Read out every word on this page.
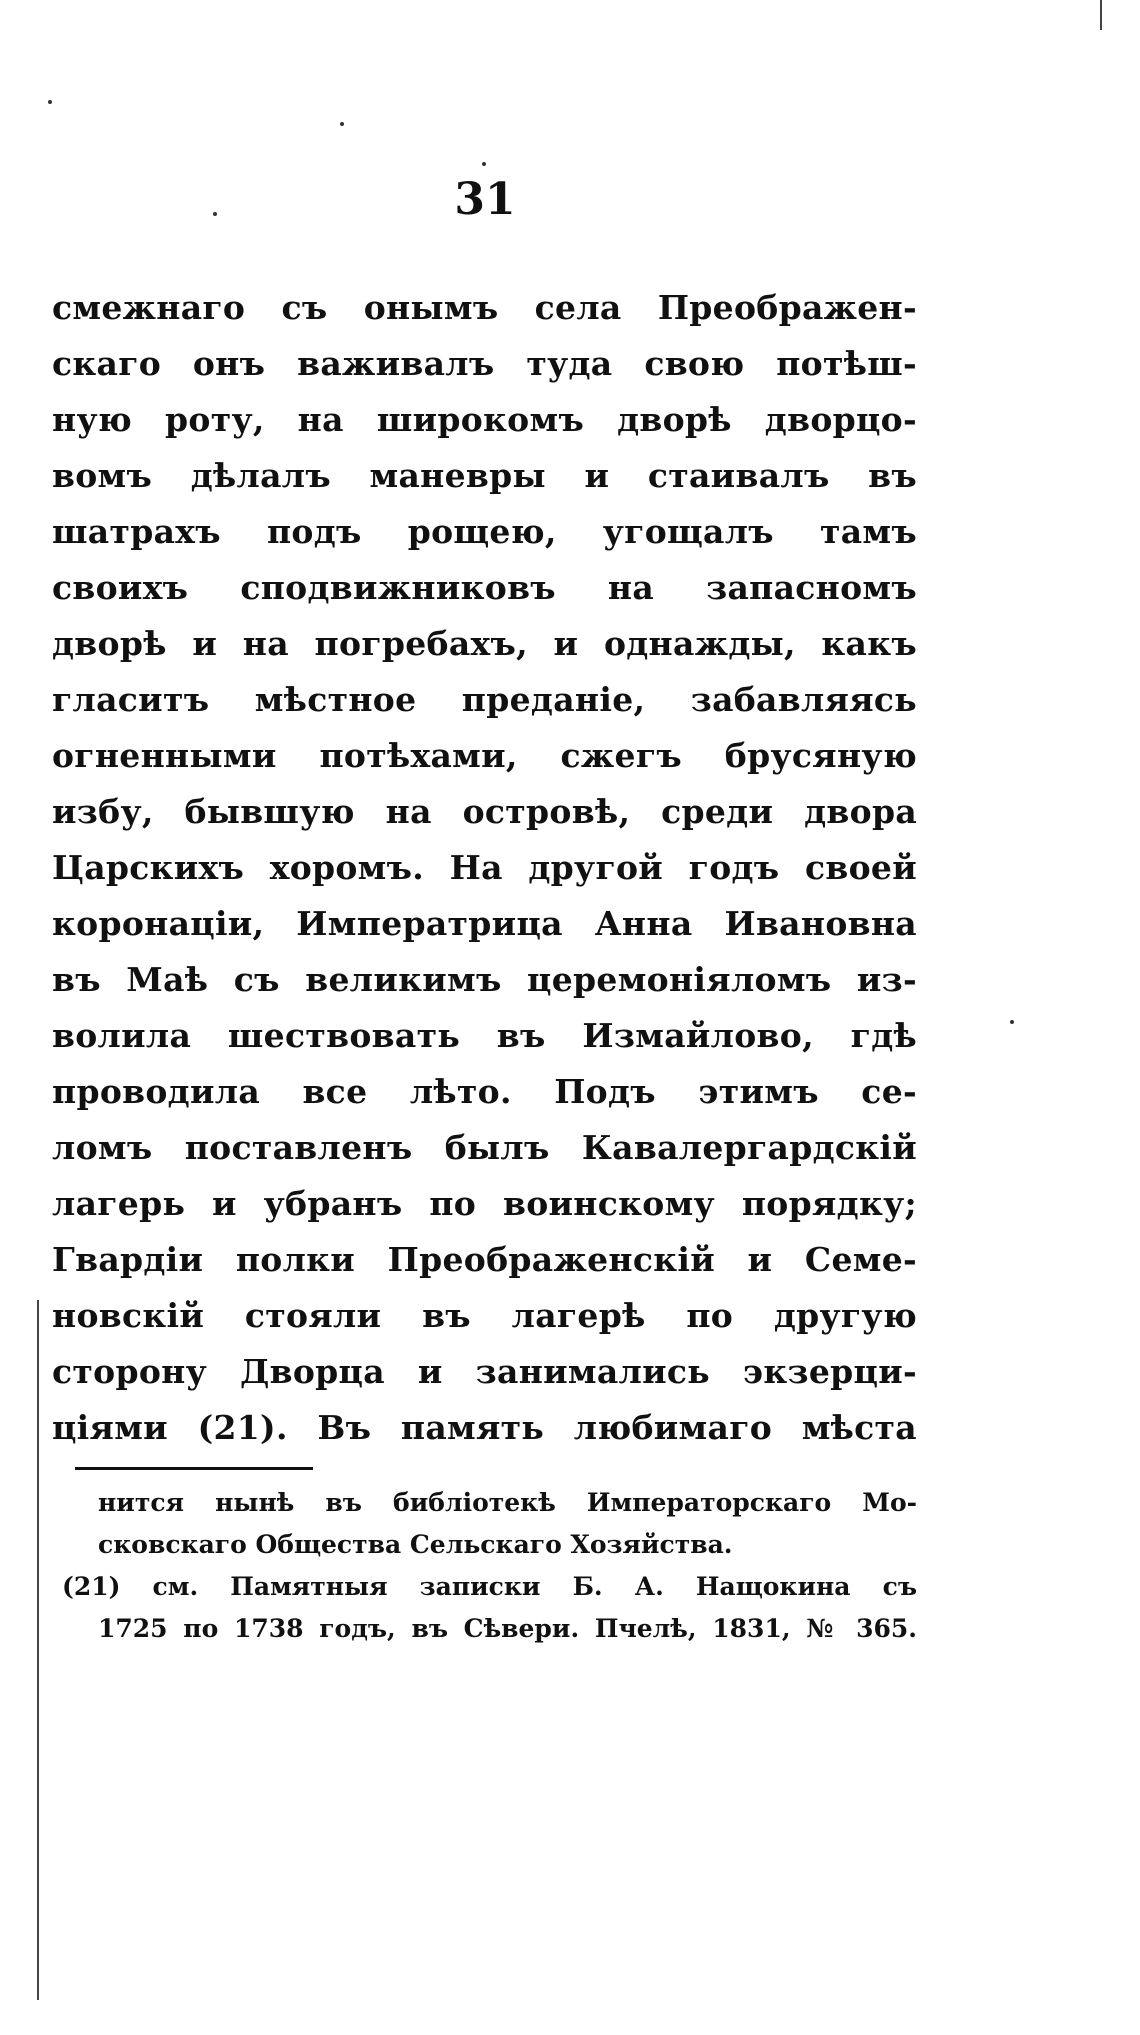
31
смежнаго съ онымъ села Преображен-
скаго онъ важивалъ туда свою потѣш-
ную роту, на широкомъ дворѣ дворцо-
вомъ дѣлалъ маневры и стаивалъ въ
шатрахъ подъ рощею, угощалъ тамъ
своихъ сподвижниковъ на запасномъ
дворѣ и на погребахъ, и однажды, какъ
гласитъ мѣстное преданіе, забавляясь
огненными потѣхами, сжегъ брусяную
избу, бывшую на островѣ, среди двора
Царскихъ хоромъ. На другой годъ своей
коронаціи, Императрица Анна Ивановна
въ Маѣ съ великимъ церемоніяломъ из-
волила шествовать въ Измайлово, гдѣ
проводила все лѣто. Подъ этимъ се-
ломъ поставленъ былъ Кавалергардскій
лагерь и убранъ по воинскому порядку;
Гвардіи полки Преображенскій и Семе-
новскій стояли въ лагерѣ по другую
сторону Дворца и занимались экзерци-
ціями (21). Въ память любимаго мѣста
нится нынѣ въ библіотекѣ Императорскаго Мо-
сковскаго Общества Сельскаго Хозяйства.
(21) см. Памятныя записки Б. А. Нащокина съ
1725 по 1738 годъ, въ Сѣвери. Пчелѣ, 1831, № 365.
